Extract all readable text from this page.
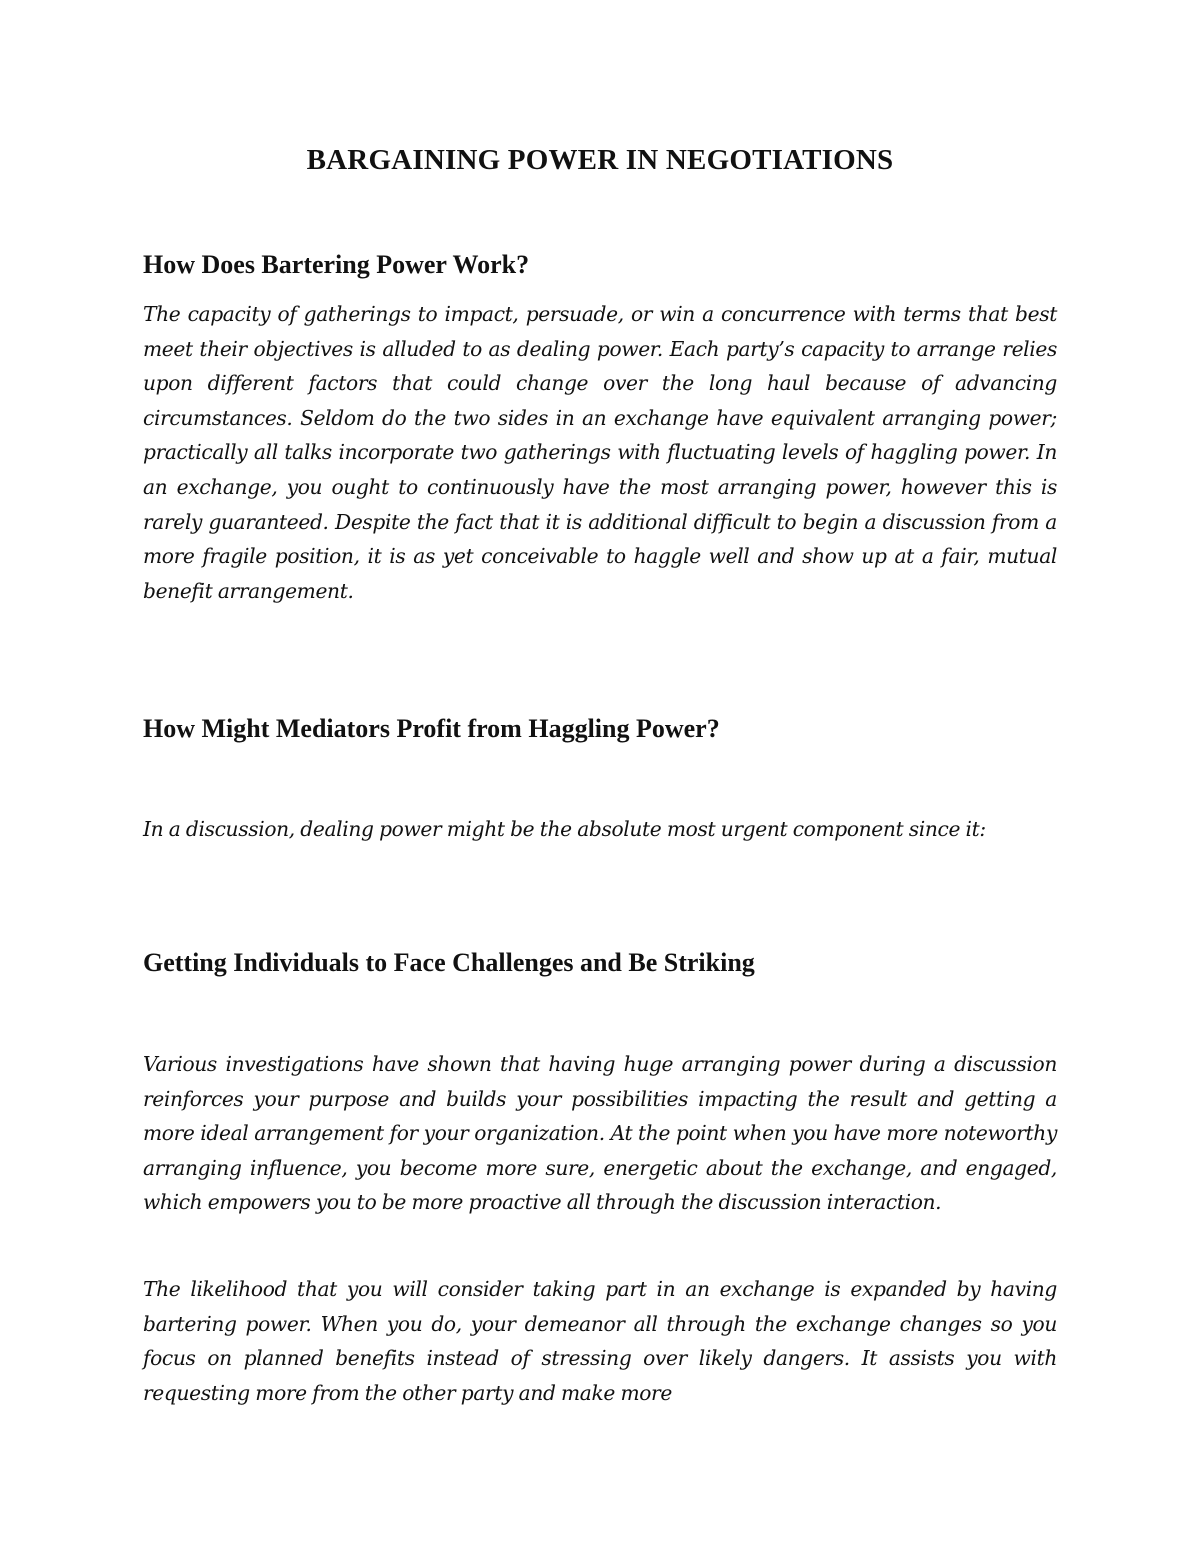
BARGAINING POWER IN NEGOTIATIONS
How Does Bartering Power Work?

The capacity of gatherings to impact, persuade, or win a concurrence with terms that best meet their objectives is alluded to as dealing power. Each party’s capacity to arrange relies upon different factors that could change over the long haul because of advancing circumstances. Seldom do the two sides in an exchange have equivalent arranging power; practically all talks incorporate two gatherings with fluctuating levels of haggling power. In an exchange, you ought to continuously have the most arranging power, however this is rarely guaranteed. Despite the fact that it is additional difficult to begin a discussion from a more fragile position, it is as yet conceivable to haggle well and show up at a fair, mutual benefit arrangement.

How Might Mediators Profit from Haggling Power?

In a discussion, dealing power might be the absolute most urgent component since it:

Getting Individuals to Face Challenges and Be Striking

Various investigations have shown that having huge arranging power during a discussion reinforces your purpose and builds your possibilities impacting the result and getting a more ideal arrangement for your organization. At the point when you have more noteworthy arranging influence, you become more sure, energetic about the exchange, and engaged, which empowers you to be more proactive all through the discussion interaction.

The likelihood that you will consider taking part in an exchange is expanded by having bartering power. When you do, your demeanor all through the exchange changes so you focus on planned benefits instead of stressing over likely dangers. It assists you with requesting more from the other party and make more
